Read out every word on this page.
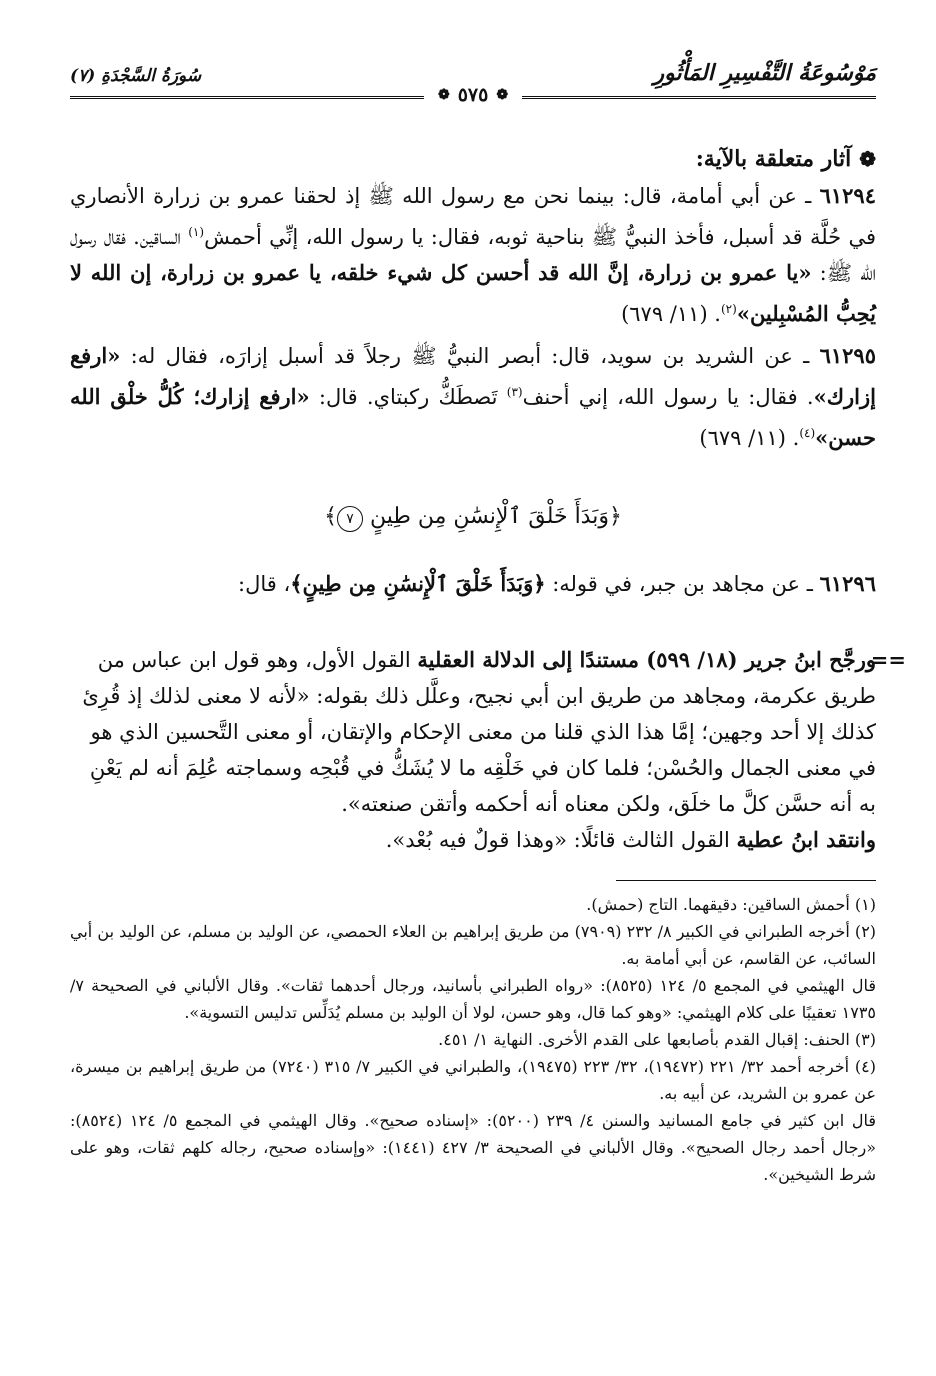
مَوْسُوعَةُ التَّفْسِيرِ المَأْثُورِ
سُورَةُ السَّجْدَةِ (٧)
❁
٥٧٥
❁
❁
آثار متعلقة بالآية:

٦١٢٩٤ ـ عن أبي أمامة، قال: بينما نحن مع رسول الله ﷺ إذ لحقنا عمرو بن زرارة الأنصاري في حُلَّة قد أسبل، فأخذ النبيُّ ﷺ بناحية ثوبه، فقال: يا رسول الله، إنِّي أحمش$^{(١)}$ الساقين. فقال رسول الله ﷺ: «يا عمرو بن زرارة، إنَّ الله قد أحسن كل شيء خلقه، يا عمرو بن زرارة، إن الله لا يُحِبُّ المُسْبِلين»$^{(٢)}$. (١١/ ٦٧٩)

٦١٢٩٥ ـ عن الشريد بن سويد، قال: أبصر النبيُّ ﷺ رجلاً قد أسبل إزارَه، فقال له: «ارفع إزارك». فقال: يا رسول الله، إني أحنف$^{(٣)}$ تَصطَكُّ ركبتاي. قال: «ارفع إزارك؛ كُلُّ خلْق الله حسن»$^{(٤)}$. (١١/ ٦٧٩)

﴿وَبَدَأَ خَلْقَ ٱلْإِنسَٰنِ مِن طِينٍ ٧﴾

٦١٢٩٦ ـ عن مجاهد بن جبر، في قوله: ﴿وَبَدَأَ خَلْقَ ٱلْإِنسَٰنِ مِن طِينٍ﴾، قال:

==
ورجَّح ابنُ جرير (١٨/ ٥٩٩) مستندًا إلى الدلالة العقلية القول الأول، وهو قول ابن عباس من طريق عكرمة، ومجاهد من طريق ابن أبي نجيح، وعلَّل ذلك بقوله: «لأنه لا معنى لذلك إذ قُرِئ كذلك إلا أحد وجهين؛ إمَّا هذا الذي قلنا من معنى الإحكام والإتقان، أو معنى التَّحسين الذي هو في معنى الجمال والحُسْن؛ فلما كان في خَلْقِه ما لا يُشَكُّ في قُبْحِه وسماجته عُلِمَ أنه لم يَعْنِ به أنه حسَّن كلَّ ما خلَق، ولكن معناه أنه أحكمه وأتقن صنعته».
وانتقد ابنُ عطية القول الثالث قائلًا: «وهذا قولٌ فيه بُعْد».

(١) أحمش الساقين: دقيقهما. التاج (حمش).

(٢) أخرجه الطبراني في الكبير ٨/ ٢٣٢ (٧٩٠٩) من طريق إبراهيم بن العلاء الحمصي، عن الوليد بن مسلم، عن الوليد بن أبي السائب، عن القاسم، عن أبي أمامة به.

قال الهيثمي في المجمع ٥/ ١٢٤ (٨٥٢٥): «رواه الطبراني بأسانيد، ورجال أحدهما ثقات». وقال الألباني في الصحيحة ٧/ ١٧٣٥ تعقيبًا على كلام الهيثمي: «وهو كما قال، وهو حسن، لولا أن الوليد بن مسلم يُدَلِّس تدليس التسوية».

(٣) الحنف: إقبال القدم بأصابعها على القدم الأخرى. النهاية ١/ ٤٥١.

(٤) أخرجه أحمد ٣٢/ ٢٢١ (١٩٤٧٢)، ٣٢/ ٢٢٣ (١٩٤٧٥)، والطبراني في الكبير ٧/ ٣١٥ (٧٢٤٠) من طريق إبراهيم بن ميسرة، عن عمرو بن الشريد، عن أبيه به.

قال ابن كثير في جامع المسانيد والسنن ٤/ ٢٣٩ (٥٢٠٠): «إسناده صحيح». وقال الهيثمي في المجمع ٥/ ١٢٤ (٨٥٢٤): «رجال أحمد رجال الصحيح». وقال الألباني في الصحيحة ٣/ ٤٢٧ (١٤٤١): «وإسناده صحيح، رجاله كلهم ثقات، وهو على شرط الشيخين».
